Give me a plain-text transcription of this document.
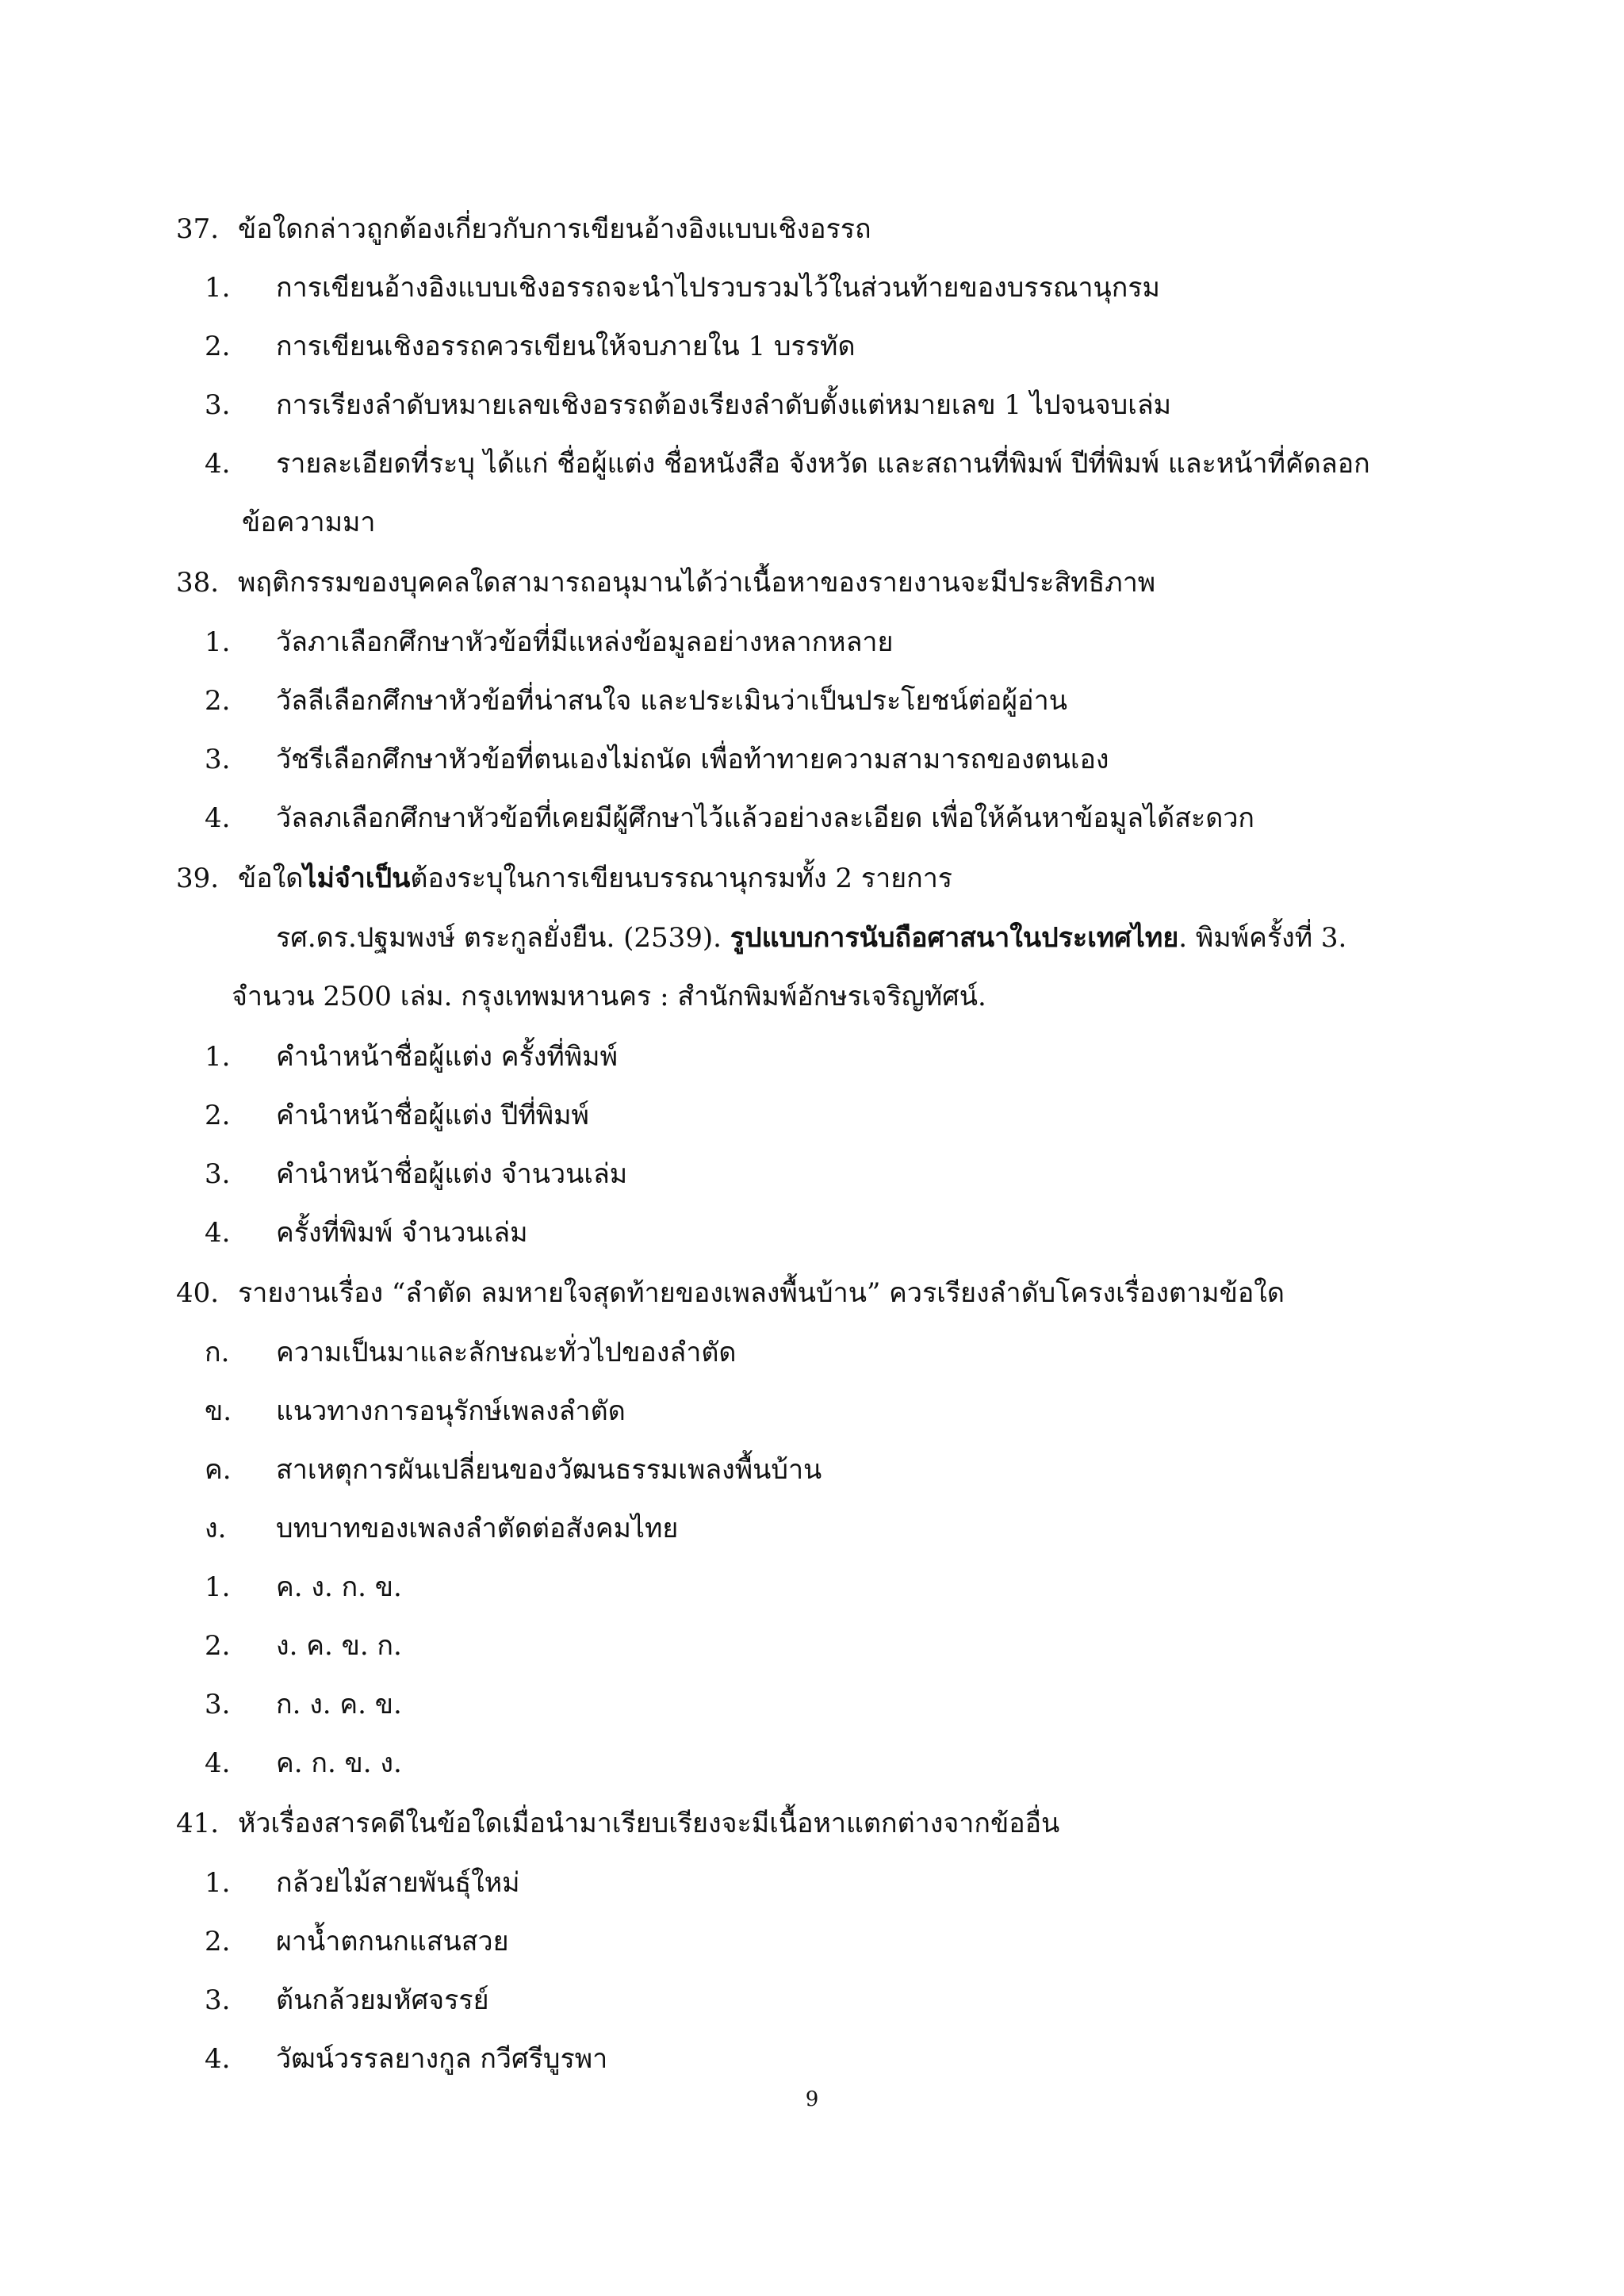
37. ข้อใดกล่าวถูกต้องเกี่ยวกับการเขียนอ้างอิงแบบเชิงอรรถ
1. การเขียนอ้างอิงแบบเชิงอรรถจะนำไปรวบรวมไว้ในส่วนท้ายของบรรณานุกรม
2. การเขียนเชิงอรรถควรเขียนให้จบภายใน 1 บรรทัด
3. การเรียงลำดับหมายเลขเชิงอรรถต้องเรียงลำดับตั้งแต่หมายเลข 1 ไปจนจบเล่ม
4. รายละเอียดที่ระบุ ได้แก่ ชื่อผู้แต่ง ชื่อหนังสือ จังหวัด และสถานที่พิมพ์ ปีที่พิมพ์ และหน้าที่คัดลอก
ข้อความมา
38. พฤติกรรมของบุคคลใดสามารถอนุมานได้ว่าเนื้อหาของรายงานจะมีประสิทธิภาพ
1. วัลภาเลือกศึกษาหัวข้อที่มีแหล่งข้อมูลอย่างหลากหลาย
2. วัลลีเลือกศึกษาหัวข้อที่น่าสนใจ และประเมินว่าเป็นประโยชน์ต่อผู้อ่าน
3. วัชรีเลือกศึกษาหัวข้อที่ตนเองไม่ถนัด เพื่อท้าทายความสามารถของตนเอง
4. วัลลภเลือกศึกษาหัวข้อที่เคยมีผู้ศึกษาไว้แล้วอย่างละเอียด เพื่อให้ค้นหาข้อมูลได้สะดวก
39. ข้อใดไม่จำเป็นต้องระบุในการเขียนบรรณานุกรมทั้ง 2 รายการ
รศ.ดร.ปฐมพงษ์ ตระกูลยั่งยืน. (2539). รูปแบบการนับถือศาสนาในประเทศไทย. พิมพ์ครั้งที่ 3.
จำนวน 2500 เล่ม. กรุงเทพมหานคร : สำนักพิมพ์อักษรเจริญทัศน์.
1. คำนำหน้าชื่อผู้แต่ง ครั้งที่พิมพ์
2. คำนำหน้าชื่อผู้แต่ง ปีที่พิมพ์
3. คำนำหน้าชื่อผู้แต่ง จำนวนเล่ม
4. ครั้งที่พิมพ์ จำนวนเล่ม
40. รายงานเรื่อง “ลำตัด ลมหายใจสุดท้ายของเพลงพื้นบ้าน” ควรเรียงลำดับโครงเรื่องตามข้อใด
ก. ความเป็นมาและลักษณะทั่วไปของลำตัด
ข. แนวทางการอนุรักษ์เพลงลำตัด
ค. สาเหตุการผันเปลี่ยนของวัฒนธรรมเพลงพื้นบ้าน
ง. บทบาทของเพลงลำตัดต่อสังคมไทย
1. ค. ง. ก. ข.
2. ง. ค. ข. ก.
3. ก. ง. ค. ข.
4. ค. ก. ข. ง.
41. หัวเรื่องสารคดีในข้อใดเมื่อนำมาเรียบเรียงจะมีเนื้อหาแตกต่างจากข้ออื่น
1. กล้วยไม้สายพันธุ์ใหม่
2. ผาน้ำตกนกแสนสวย
3. ต้นกล้วยมหัศจรรย์
4. วัฒน์วรรลยางกูล กวีศรีบูรพา
9
